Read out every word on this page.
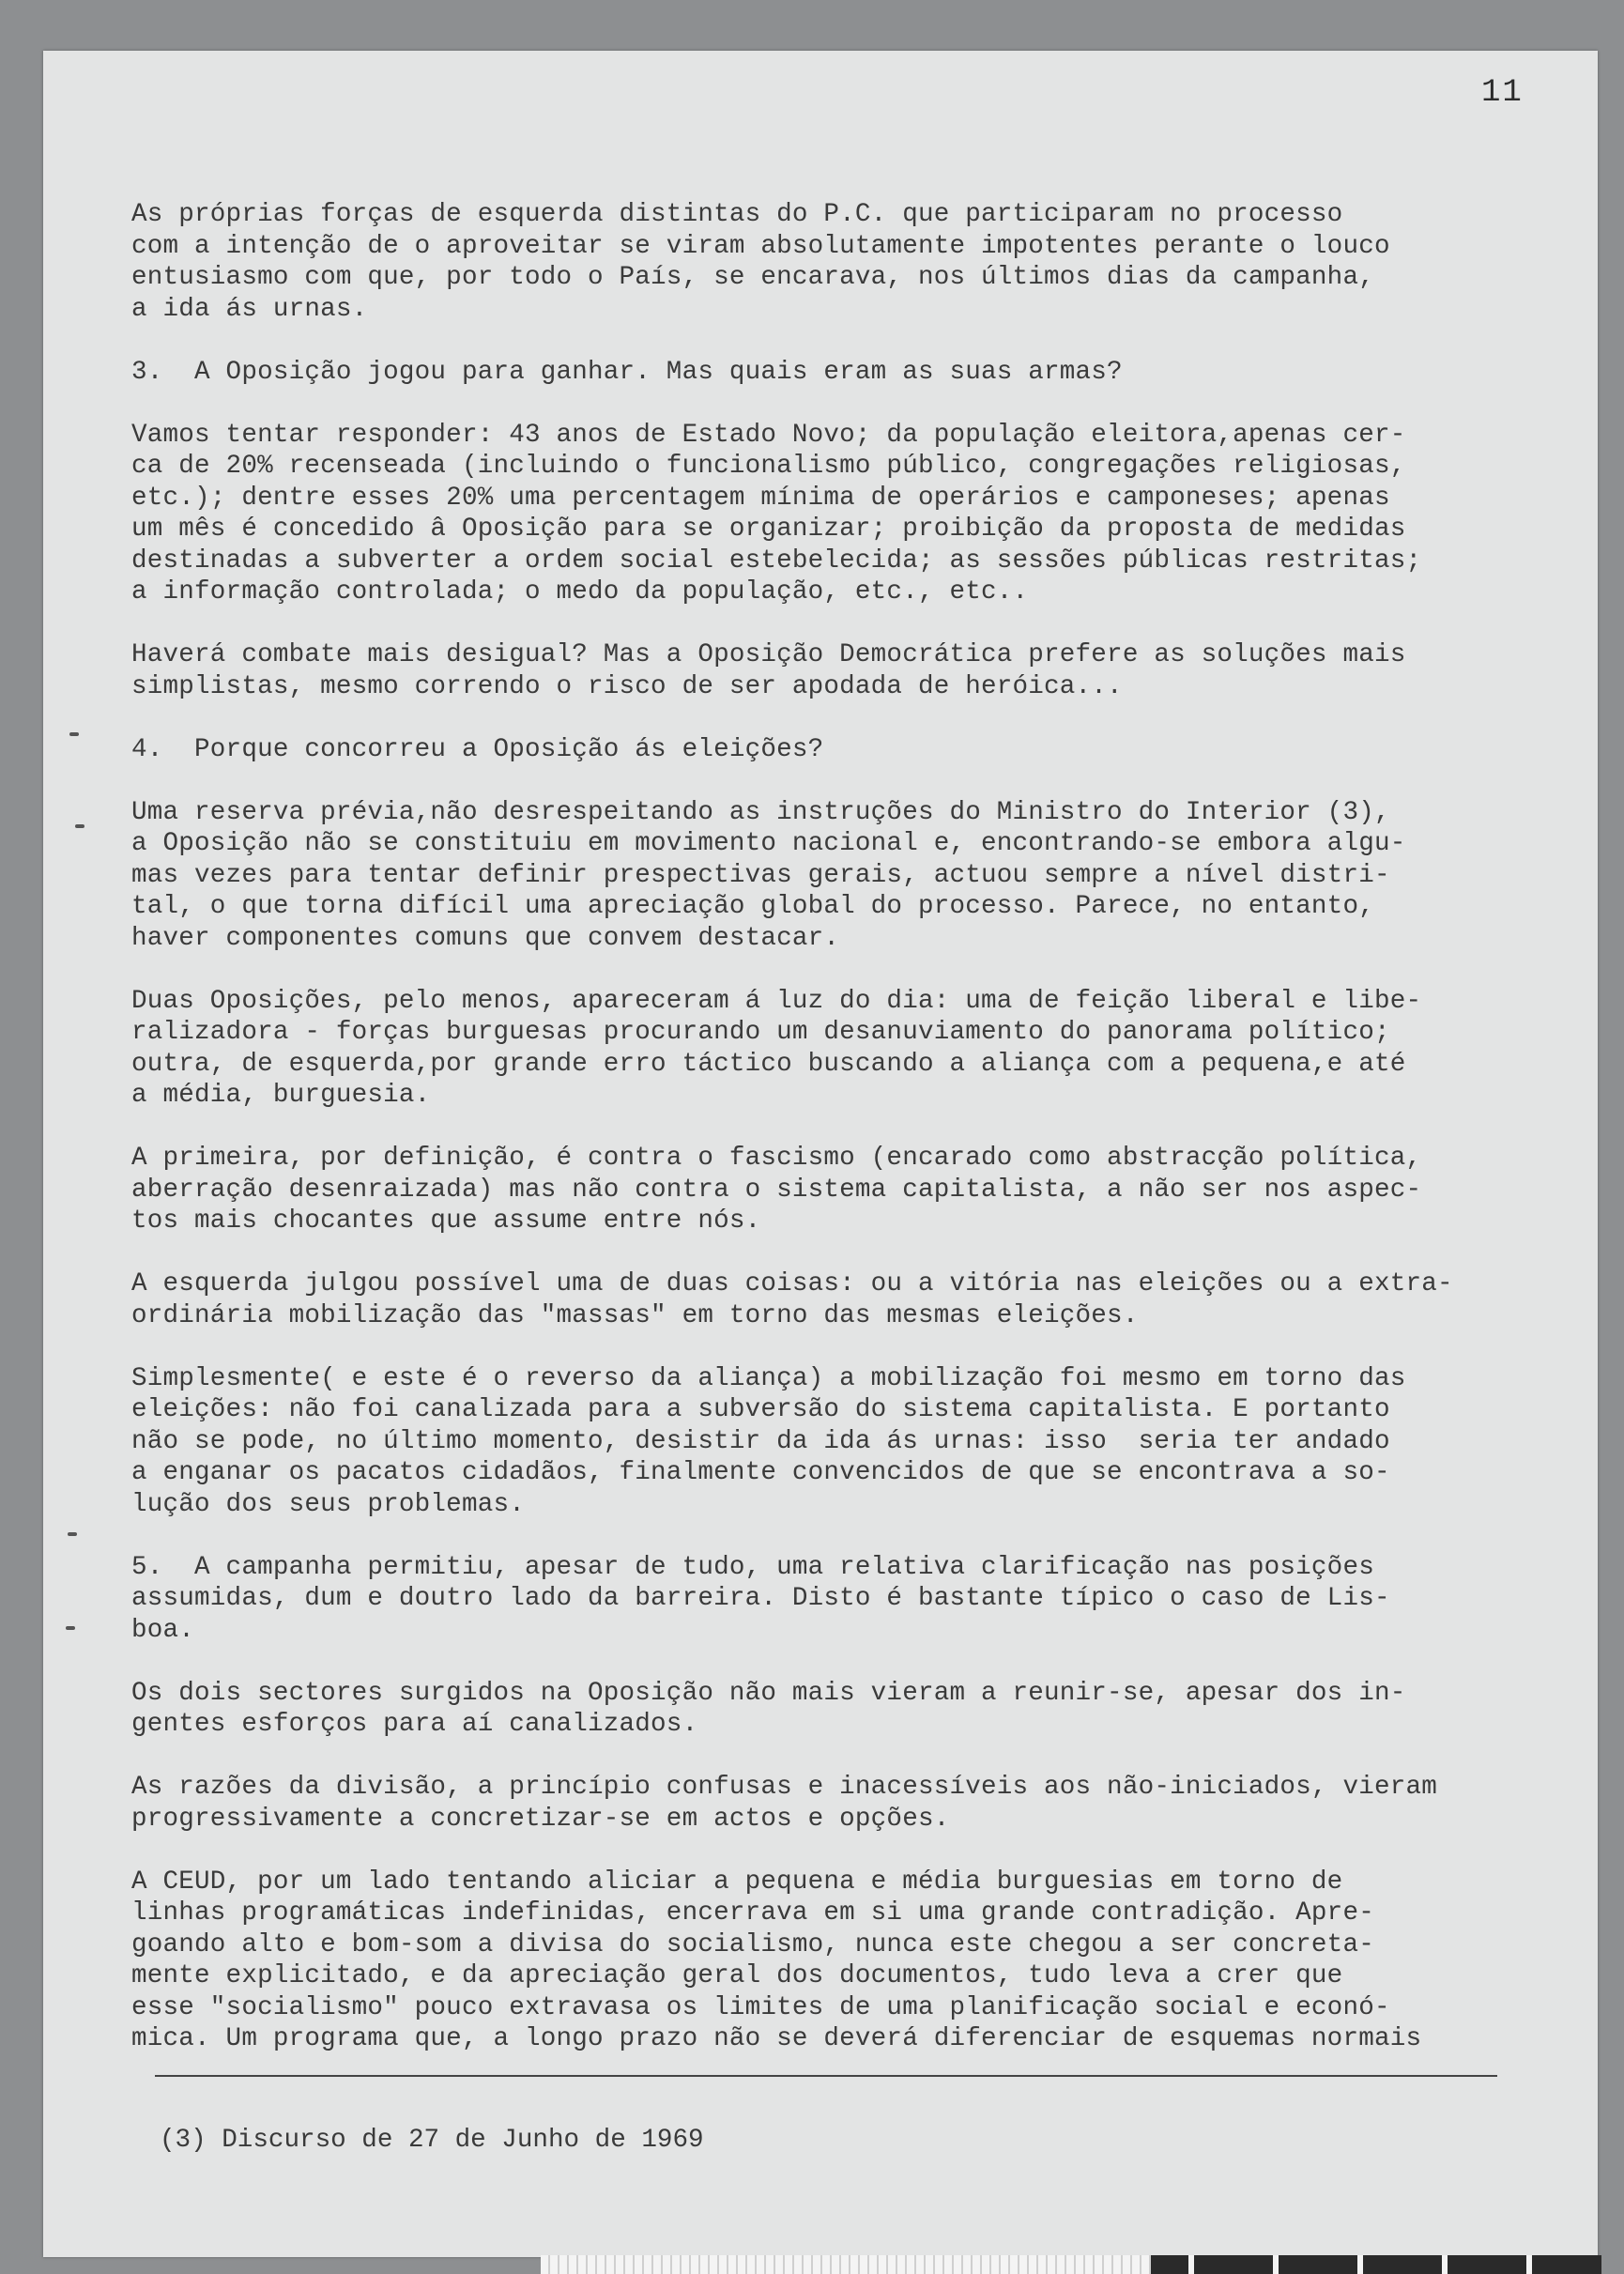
11
As próprias forças de esquerda distintas do P.C. que participaram no processo
com a intenção de o aproveitar se viram absolutamente impotentes perante o louco
entusiasmo com que, por todo o País, se encarava, nos últimos dias da campanha,
a ida ás urnas.
3.  A Oposição jogou para ganhar. Mas quais eram as suas armas?
Vamos tentar responder: 43 anos de Estado Novo; da população eleitora,apenas cer-
ca de 20% recenseada (incluindo o funcionalismo público, congregações religiosas,
etc.); dentre esses 20% uma percentagem mínima de operários e camponeses; apenas
um mês é concedido â Oposição para se organizar; proibição da proposta de medidas
destinadas a subverter a ordem social estebelecida; as sessões públicas restritas;
a informação controlada; o medo da população, etc., etc..
Haverá combate mais desigual? Mas a Oposição Democrática prefere as soluções mais
simplistas, mesmo correndo o risco de ser apodada de heróica...
4.  Porque concorreu a Oposição ás eleições?
Uma reserva prévia,não desrespeitando as instruções do Ministro do Interior (3),
a Oposição não se constituiu em movimento nacional e, encontrando-se embora algu-
mas vezes para tentar definir prespectivas gerais, actuou sempre a nível distri-
tal, o que torna difícil uma apreciação global do processo. Parece, no entanto,
haver componentes comuns que convem destacar.
Duas Oposições, pelo menos, apareceram á luz do dia: uma de feição liberal e libe-
ralizadora - forças burguesas procurando um desanuviamento do panorama político;
outra, de esquerda,por grande erro táctico buscando a aliança com a pequena,e até
a média, burguesia.
A primeira, por definição, é contra o fascismo (encarado como abstracção política,
aberração desenraizada) mas não contra o sistema capitalista, a não ser nos aspec-
tos mais chocantes que assume entre nós.
A esquerda julgou possível uma de duas coisas: ou a vitória nas eleições ou a extra-
ordinária mobilização das "massas" em torno das mesmas eleições.
Simplesmente( e este é o reverso da aliança) a mobilização foi mesmo em torno das
eleições: não foi canalizada para a subversão do sistema capitalista. E portanto
não se pode, no último momento, desistir da ida ás urnas: isso  seria ter andado
a enganar os pacatos cidadãos, finalmente convencidos de que se encontrava a so-
lução dos seus problemas.
5.  A campanha permitiu, apesar de tudo, uma relativa clarificação nas posições
assumidas, dum e doutro lado da barreira. Disto é bastante típico o caso de Lis-
boa.
Os dois sectores surgidos na Oposição não mais vieram a reunir-se, apesar dos in-
gentes esforços para aí canalizados.
As razões da divisão, a princípio confusas e inacessíveis aos não-iniciados, vieram
progressivamente a concretizar-se em actos e opções.
A CEUD, por um lado tentando aliciar a pequena e média burguesias em torno de
linhas programáticas indefinidas, encerrava em si uma grande contradição. Apre-
goando alto e bom-som a divisa do socialismo, nunca este chegou a ser concreta-
mente explicitado, e da apreciação geral dos documentos, tudo leva a crer que
esse "socialismo" pouco extravasa os limites de uma planificação social e econó-
mica. Um programa que, a longo prazo não se deverá diferenciar de esquemas normais
(3) Discurso de 27 de Junho de 1969
